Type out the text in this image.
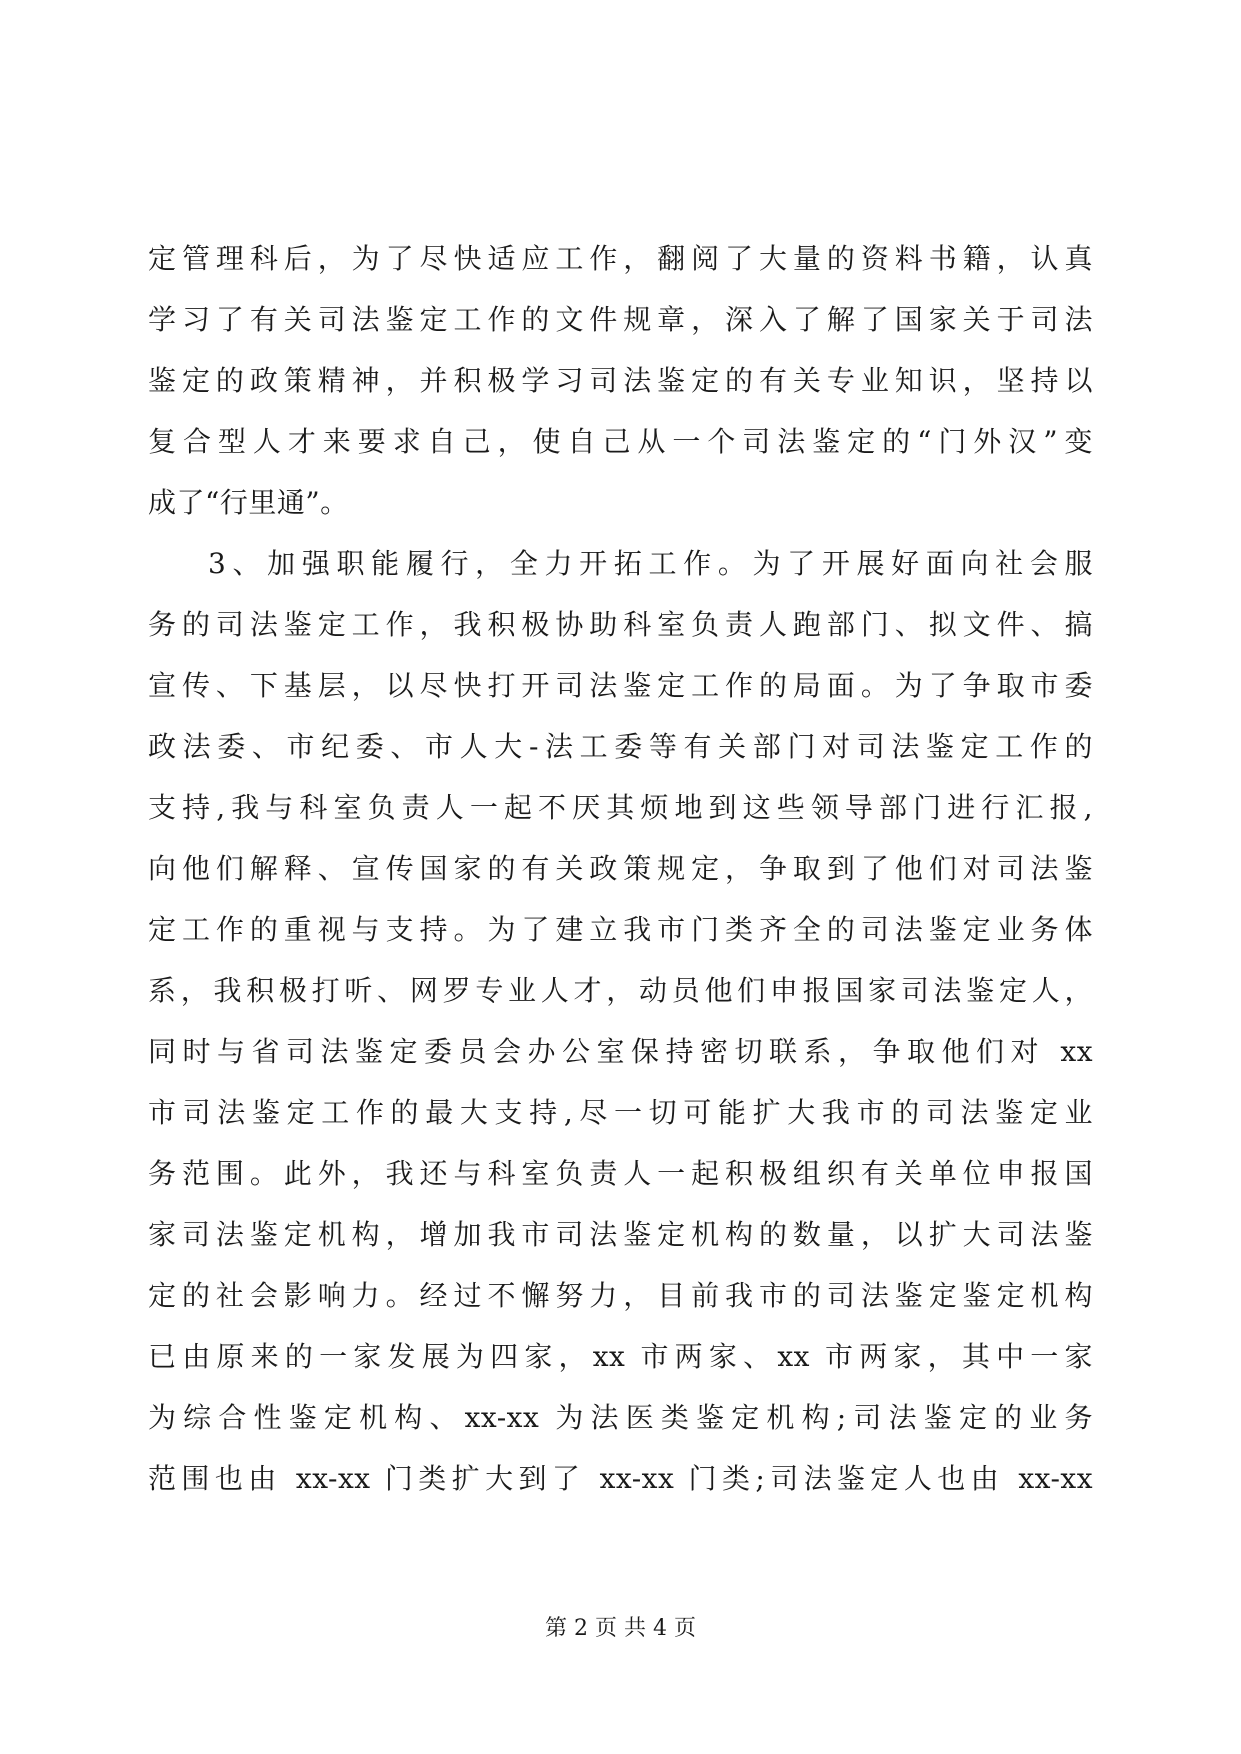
定管理科后，为了尽快适应工作，翻阅了大量的资料书籍，认真
学习了有关司法鉴定工作的文件规章，深入了解了国家关于司法
鉴定的政策精神，并积极学习司法鉴定的有关专业知识，坚持以
复合型人才来要求自己，使自己从一个司法鉴定的“门外汉”变
成了“行里通”。
3、加强职能履行，全力开拓工作。为了开展好面向社会服
务的司法鉴定工作，我积极协助科室负责人跑部门、拟文件、搞
宣传、下基层，以尽快打开司法鉴定工作的局面。为了争取市委
政法委、市纪委、市人大-法工委等有关部门对司法鉴定工作的
支持,我与科室负责人一起不厌其烦地到这些领导部门进行汇报,
向他们解释、宣传国家的有关政策规定，争取到了他们对司法鉴
定工作的重视与支持。为了建立我市门类齐全的司法鉴定业务体
系，我积极打听、网罗专业人才，动员他们申报国家司法鉴定人，
同时与省司法鉴定委员会办公室保持密切联系，争取他们对 xx
市司法鉴定工作的最大支持,尽一切可能扩大我市的司法鉴定业
务范围。此外，我还与科室负责人一起积极组织有关单位申报国
家司法鉴定机构，增加我市司法鉴定机构的数量，以扩大司法鉴
定的社会影响力。经过不懈努力，目前我市的司法鉴定鉴定机构
已由原来的一家发展为四家，xx 市两家、xx 市两家，其中一家
为综合性鉴定机构、xx-xx 为法医类鉴定机构;司法鉴定的业务
范围也由 xx-xx 门类扩大到了 xx-xx 门类;司法鉴定人也由 xx-xx
第 2 页 共 4 页
